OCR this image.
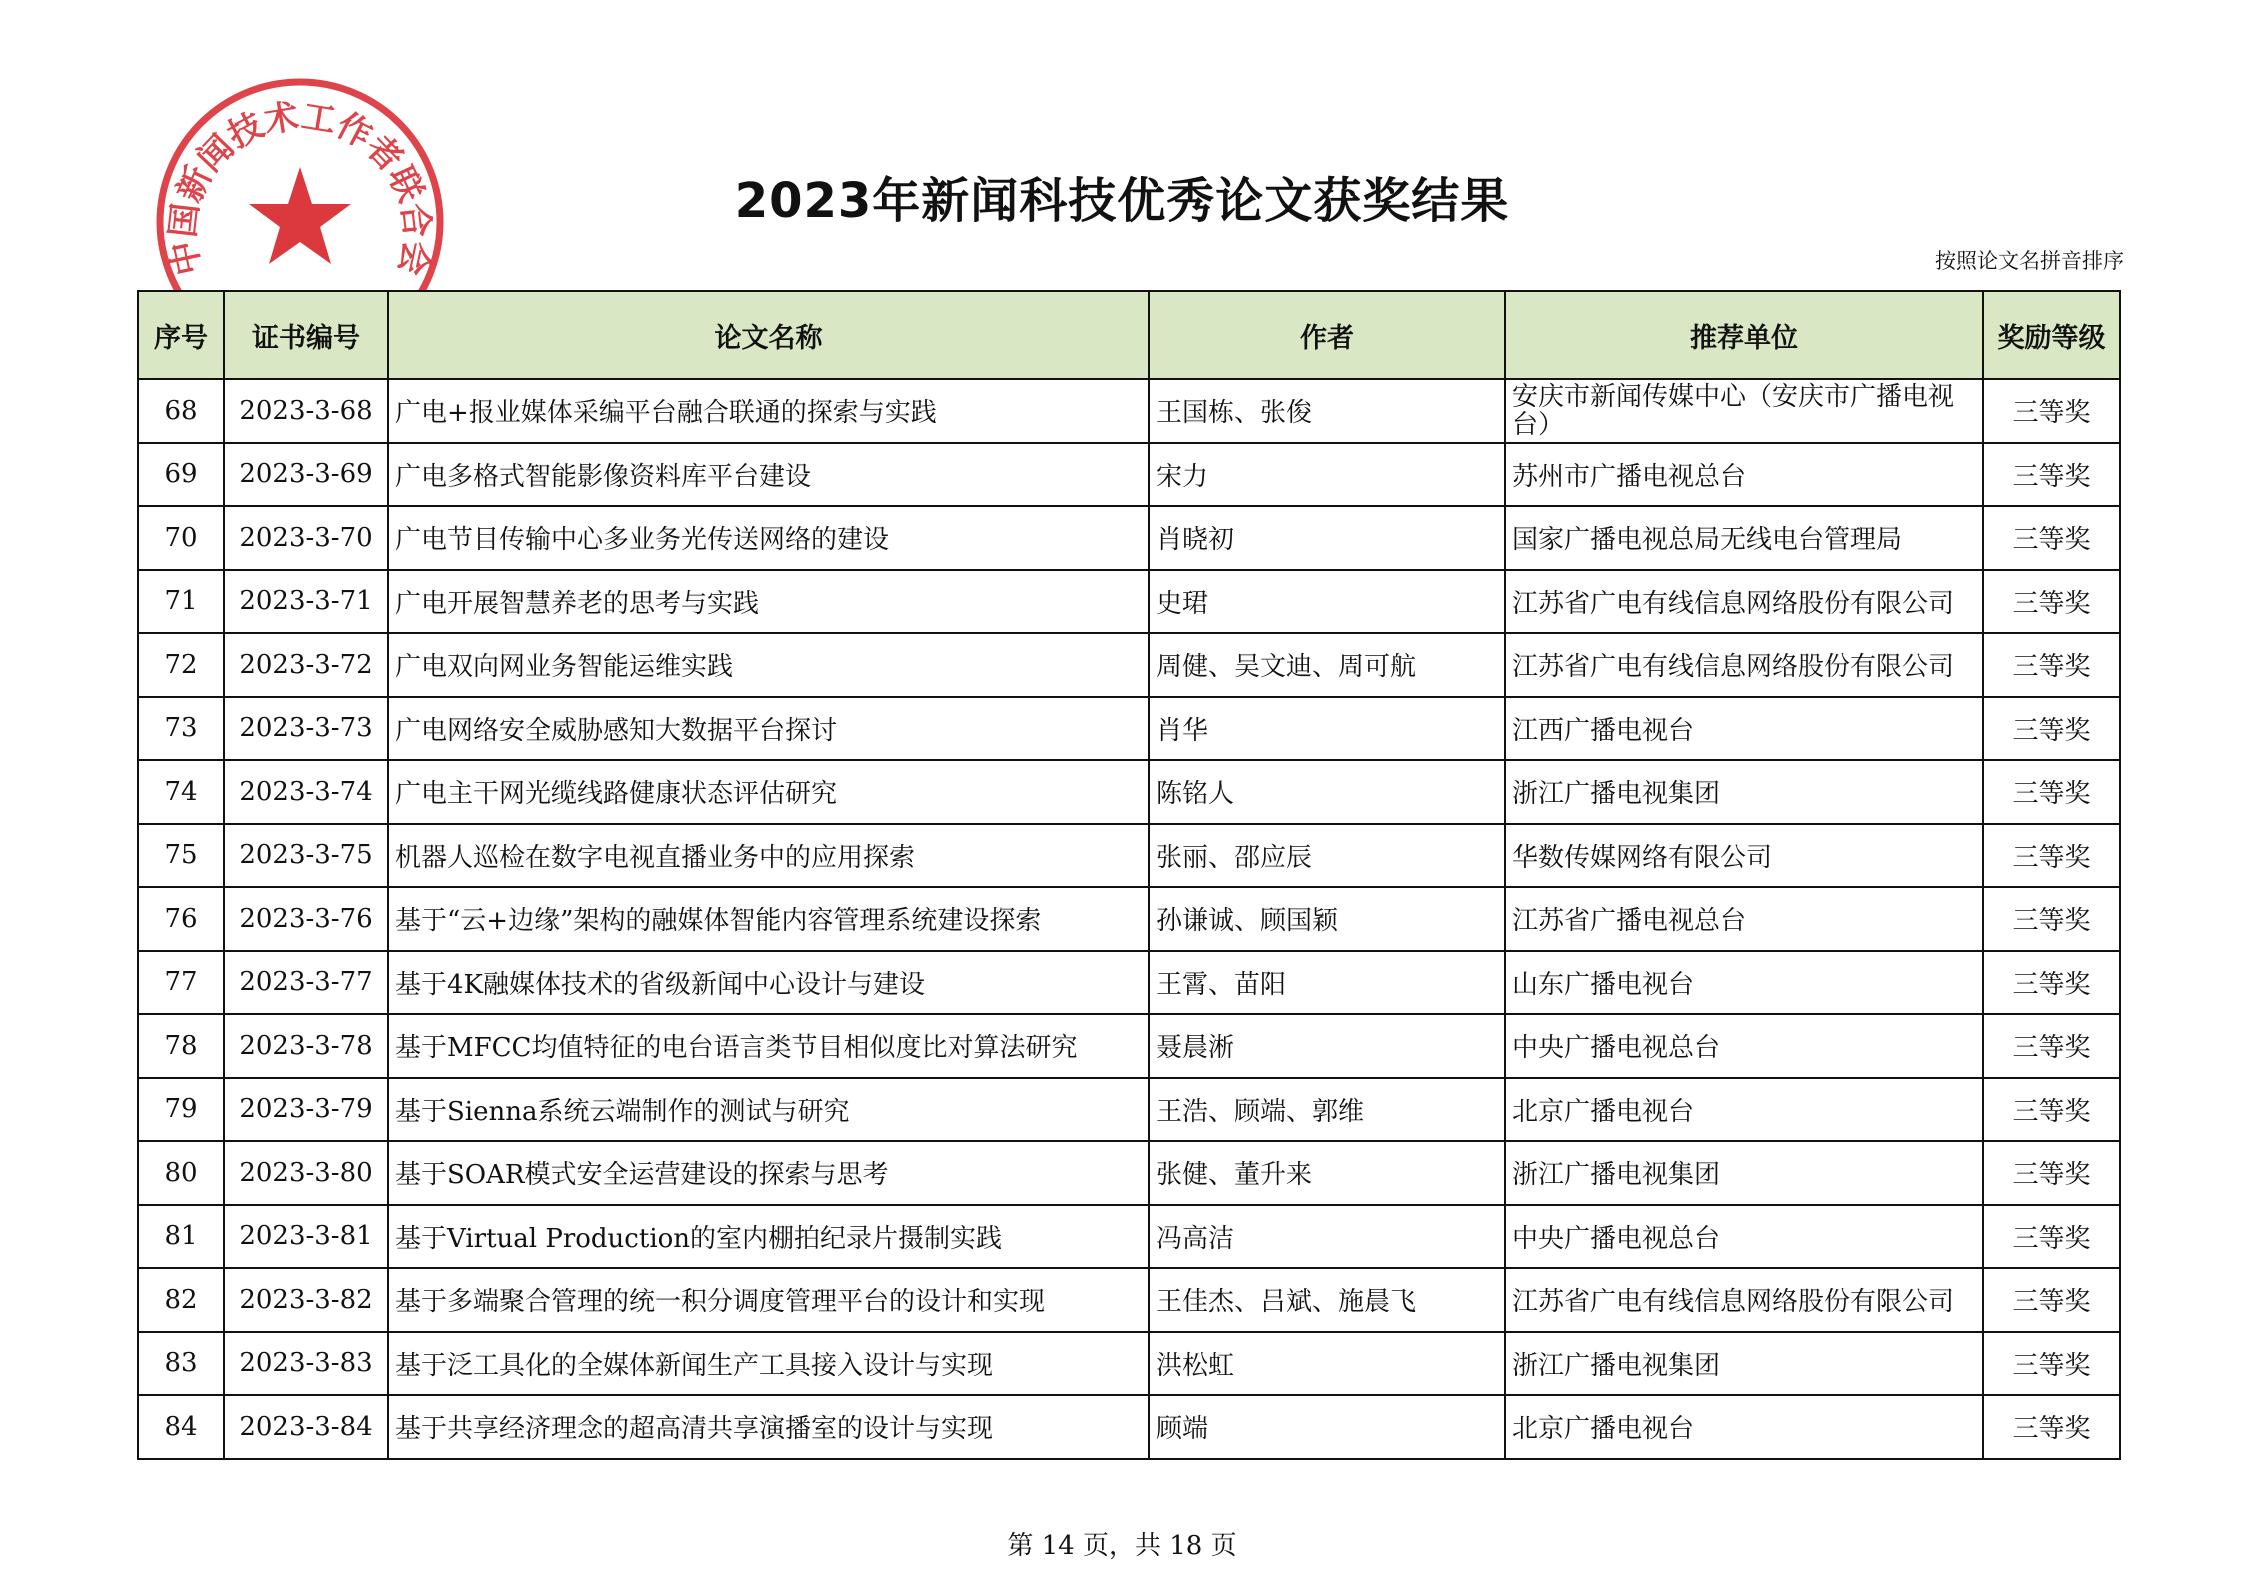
中国新闻技术工作者联合会
2023年新闻科技优秀论文获奖结果
按照论文名拼音排序
序号	证书编号	论文名称	作者	推荐单位	奖励等级
68	2023-3-68	广电+报业媒体采编平台融合联通的探索与实践	王国栋、张俊	安庆市新闻传媒中心（安庆市广播电视台）	三等奖
69	2023-3-69	广电多格式智能影像资料库平台建设	宋力	苏州市广播电视总台	三等奖
70	2023-3-70	广电节目传输中心多业务光传送网络的建设	肖晓初	国家广播电视总局无线电台管理局	三等奖
71	2023-3-71	广电开展智慧养老的思考与实践	史珺	江苏省广电有线信息网络股份有限公司	三等奖
72	2023-3-72	广电双向网业务智能运维实践	周健、吴文迪、周可航	江苏省广电有线信息网络股份有限公司	三等奖
73	2023-3-73	广电网络安全威胁感知大数据平台探讨	肖华	江西广播电视台	三等奖
74	2023-3-74	广电主干网光缆线路健康状态评估研究	陈铭人	浙江广播电视集团	三等奖
75	2023-3-75	机器人巡检在数字电视直播业务中的应用探索	张丽、邵应辰	华数传媒网络有限公司	三等奖
76	2023-3-76	基于“云+边缘”架构的融媒体智能内容管理系统建设探索	孙谦诚、顾国颖	江苏省广播电视总台	三等奖
77	2023-3-77	基于4K融媒体技术的省级新闻中心设计与建设	王霄、苗阳	山东广播电视台	三等奖
78	2023-3-78	基于MFCC均值特征的电台语言类节目相似度比对算法研究	聂晨淅	中央广播电视总台	三等奖
79	2023-3-79	基于Sienna系统云端制作的测试与研究	王浩、顾端、郭维	北京广播电视台	三等奖
80	2023-3-80	基于SOAR模式安全运营建设的探索与思考	张健、董升来	浙江广播电视集团	三等奖
81	2023-3-81	基于Virtual Production的室内棚拍纪录片摄制实践	冯高洁	中央广播电视总台	三等奖
82	2023-3-82	基于多端聚合管理的统一积分调度管理平台的设计和实现	王佳杰、吕斌、施晨飞	江苏省广电有线信息网络股份有限公司	三等奖
83	2023-3-83	基于泛工具化的全媒体新闻生产工具接入设计与实现	洪松虹	浙江广播电视集团	三等奖
84	2023-3-84	基于共享经济理念的超高清共享演播室的设计与实现	顾端	北京广播电视台	三等奖
第 14 页，共 18 页
